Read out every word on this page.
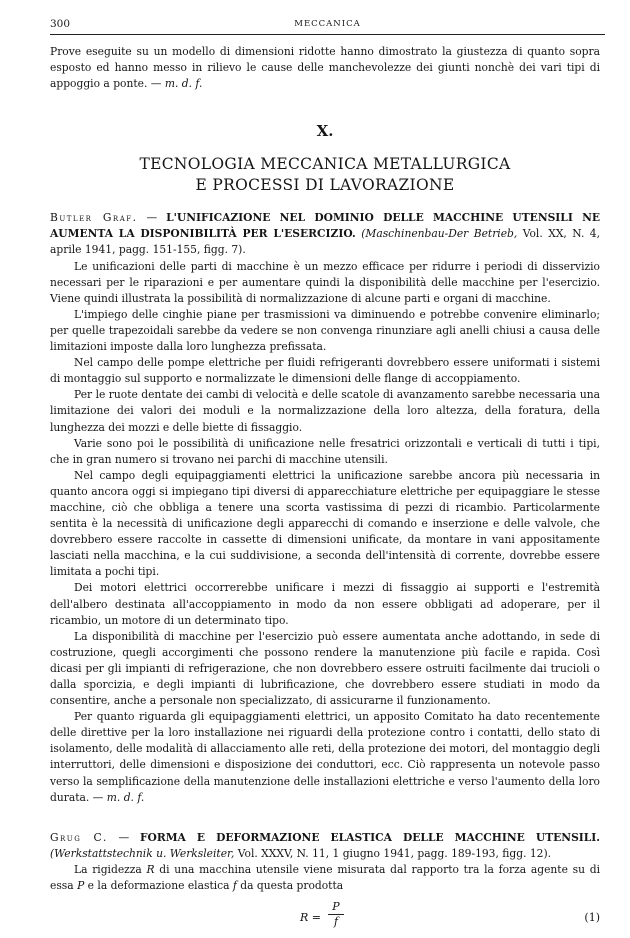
300	MECCANICA

Prove eseguite su un modello di dimensioni ridotte hanno dimostrato la giustezza di quanto sopra esposto ed hanno messo in rilievo le cause delle manchevolezze dei giunti nonchè dei vari tipi di appoggio a ponte. — m. d. f.

X.
TECNOLOGIA MECCANICA METALLURGICA
E PROCESSI DI LAVORAZIONE

Butler Graf. — L'UNIFICAZIONE NEL DOMINIO DELLE MACCHINE UTENSILI NE AUMENTA LA DISPONIBILITÀ PER L'ESERCIZIO. (Maschinenbau-Der Betrieb, Vol. XX, N. 4, aprile 1941, pagg. 151-155, figg. 7).

Le unificazioni delle parti di macchine è un mezzo efficace per ridurre i periodi di disservizio necessari per le riparazioni e per aumentare quindi la disponibilità delle macchine per l'esercizio. Viene quindi illustrata la possibilità di normalizzazione di alcune parti e organi di macchine.

L'impiego delle cinghie piane per trasmissioni va diminuendo e potrebbe convenire eliminarlo; per quelle trapezoidali sarebbe da vedere se non convenga rinunziare agli anelli chiusi a causa delle limitazioni imposte dalla loro lunghezza prefissata.

Nel campo delle pompe elettriche per fluidi refrigeranti dovrebbero essere uniformati i sistemi di montaggio sul supporto e normalizzate le dimensioni delle flange di accoppiamento.

Per le ruote dentate dei cambi di velocità e delle scatole di avanzamento sarebbe necessaria una limitazione dei valori dei moduli e la normalizzazione della loro altezza, della foratura, della lunghezza dei mozzi e delle biette di fissaggio.

Varie sono poi le possibilità di unificazione nelle fresatrici orizzontali e verticali di tutti i tipi, che in gran numero si trovano nei parchi di macchine utensili.

Nel campo degli equipaggiamenti elettrici la unificazione sarebbe ancora più necessaria in quanto ancora oggi si impiegano tipi diversi di apparecchiature elettriche per equipaggiare le stesse macchine, ciò che obbliga a tenere una scorta vastissima di pezzi di ricambio. Particolarmente sentita è la necessità di unificazione degli apparecchi di comando e inserzione e delle valvole, che dovrebbero essere raccolte in cassette di dimensioni unificate, da montare in vani appositamente lasciati nella macchina, e la cui suddivisione, a seconda dell'intensità di corrente, dovrebbe essere limitata a pochi tipi.

Dei motori elettrici occorrerebbe unificare i mezzi di fissaggio ai supporti e l'estremità dell'albero destinata all'accoppiamento in modo da non essere obbligati ad adoperare, per il ricambio, un motore di un determinato tipo.

La disponibilità di macchine per l'esercizio può essere aumentata anche adottando, in sede di costruzione, quegli accorgimenti che possono rendere la manutenzione più facile e rapida. Così dicasi per gli impianti di refrigerazione, che non dovrebbero essere ostruiti facilmente dai trucioli o dalla sporcizia, e degli impianti di lubrificazione, che dovrebbero essere studiati in modo da consentire, anche a personale non specializzato, di assicurarne il funzionamento.

Per quanto riguarda gli equipaggiamenti elettrici, un apposito Comitato ha dato recentemente delle direttive per la loro installazione nei riguardi della protezione contro i contatti, dello stato di isolamento, delle modalità di allacciamento alle reti, della protezione dei motori, del montaggio degli interruttori, delle dimensioni e disposizione dei conduttori, ecc. Ciò rappresenta un notevole passo verso la semplificazione della manutenzione delle installazioni elettriche e verso l'aumento della loro durata. — m. d. f.

Grug C. — FORMA E DEFORMAZIONE ELASTICA DELLE MACCHINE UTENSILI. (Werkstattstechnik u. Werksleiter, Vol. XXXV, N. 11, 1 giugno 1941, pagg. 189-193, figg. 12).

La rigidezza R di una macchina utensile viene misurata dal rapporto tra la forza agente su di essa P e la deformazione elastica f da questa prodotta

R =
P
f	(1)
